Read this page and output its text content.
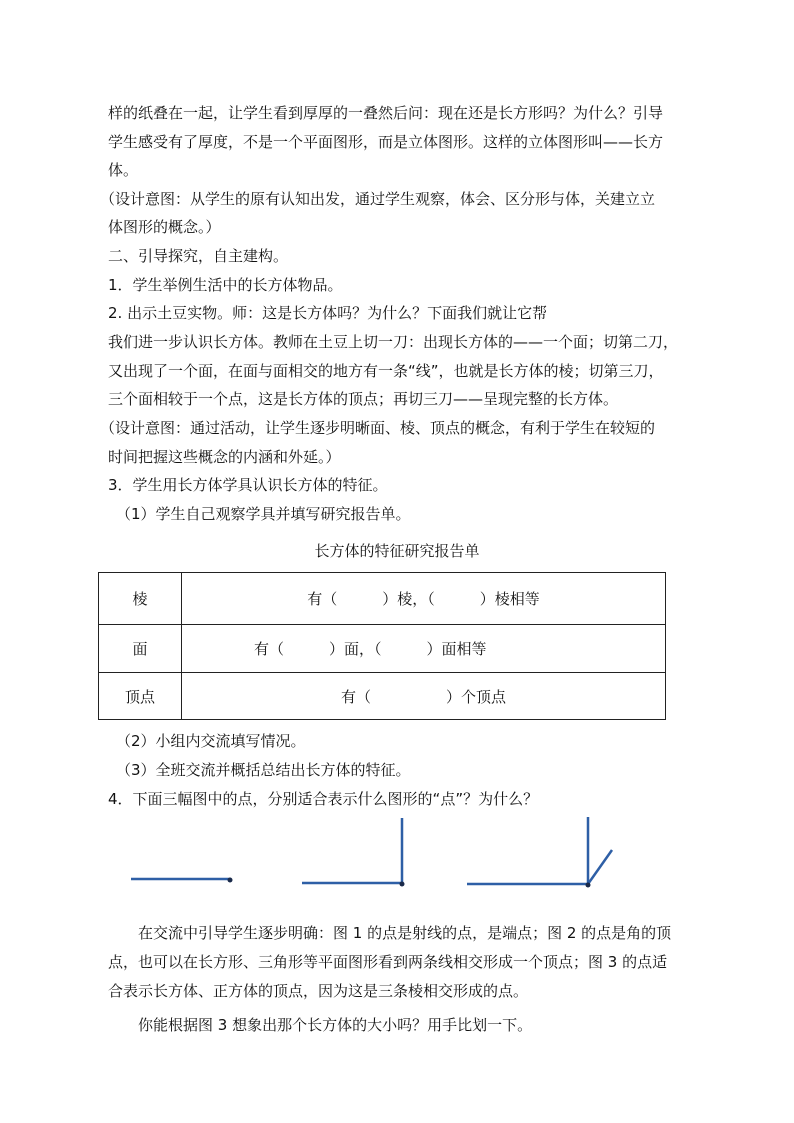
样的纸叠在一起，让学生看到厚厚的一叠然后问：现在还是长方形吗？为什么？引导
学生感受有了厚度，不是一个平面图形，而是立体图形。这样的立体图形叫——长方
体。
（设计意图：从学生的原有认知出发，通过学生观察，体会、区分形与体，关建立立
体图形的概念。）
二、引导探究，自主建构。
1．学生举例生活中的长方体物品。
2. 出示土豆实物。师：这是长方体吗？为什么？下面我们就让它帮
我们进一步认识长方体。教师在土豆上切一刀：出现长方体的——一个面；切第二刀，
又出现了一个面，在面与面相交的地方有一条“线”，也就是长方体的棱；切第三刀，
三个面相较于一个点，这是长方体的顶点；再切三刀——呈现完整的长方体。
（设计意图：通过活动，让学生逐步明晰面、棱、顶点的概念，有利于学生在较短的
时间把握这些概念的内涵和外延。）
3．学生用长方体学具认识长方体的特征。
（1）学生自己观察学具并填写研究报告单。
长方体的特征研究报告单
棱	有（　　　）棱，（　　　）棱相等
面	有（　　　）面，（　　　）面相等
顶点	有（　　　　　）个顶点
（2）小组内交流填写情况。
（3）全班交流并概括总结出长方体的特征。
4．下面三幅图中的点，分别适合表示什么图形的“点”？为什么？
在交流中引导学生逐步明确：图 1 的点是射线的点，是端点；图 2 的点是角的顶
点，也可以在长方形、三角形等平面图形看到两条线相交形成一个顶点；图 3 的点适
合表示长方体、正方体的顶点，因为这是三条棱相交形成的点。
你能根据图 3 想象出那个长方体的大小吗？用手比划一下。
